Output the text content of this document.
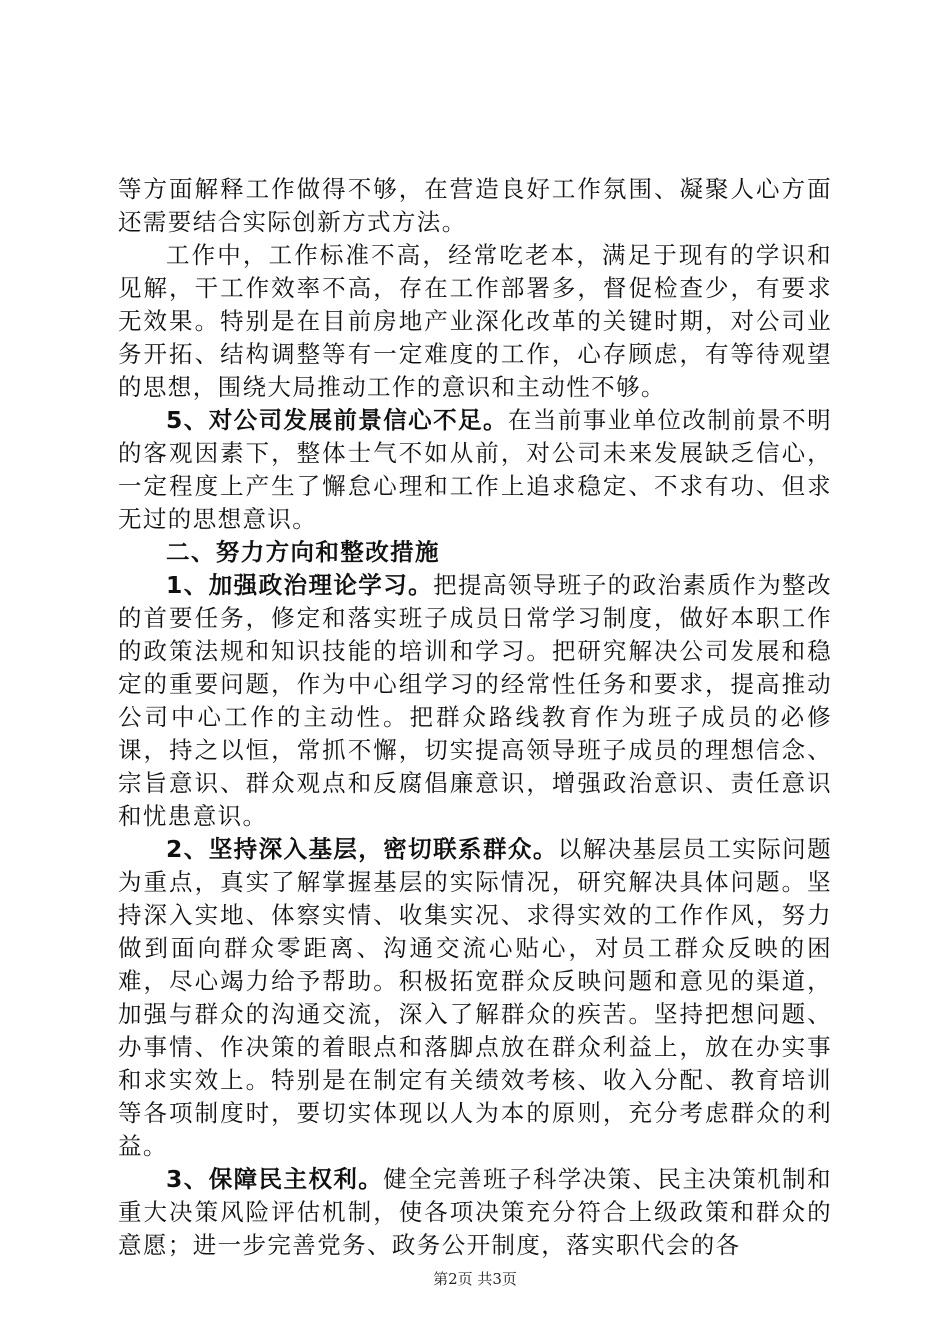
等方面解释工作做得不够，在营造良好工作氛围、凝聚人心方面还需要结合实际创新方式方法。

工作中，工作标准不高，经常吃老本，满足于现有的学识和见解，干工作效率不高，存在工作部署多，督促检查少，有要求无效果。特别是在目前房地产业深化改革的关键时期，对公司业务开拓、结构调整等有一定难度的工作，心存顾虑，有等待观望的思想，围绕大局推动工作的意识和主动性不够。

5、对公司发展前景信心不足。在当前事业单位改制前景不明的客观因素下，整体士气不如从前，对公司未来发展缺乏信心，一定程度上产生了懈怠心理和工作上追求稳定、不求有功、但求无过的思想意识。

二、努力方向和整改措施

1、加强政治理论学习。把提高领导班子的政治素质作为整改的首要任务，修定和落实班子成员日常学习制度，做好本职工作的政策法规和知识技能的培训和学习。把研究解决公司发展和稳定的重要问题，作为中心组学习的经常性任务和要求，提高推动公司中心工作的主动性。把群众路线教育作为班子成员的必修课，持之以恒，常抓不懈，切实提高领导班子成员的理想信念、宗旨意识、群众观点和反腐倡廉意识，增强政治意识、责任意识和忧患意识。

2、坚持深入基层，密切联系群众。以解决基层员工实际问题为重点，真实了解掌握基层的实际情况，研究解决具体问题。坚持深入实地、体察实情、收集实况、求得实效的工作作风，努力做到面向群众零距离、沟通交流心贴心，对员工群众反映的困难，尽心竭力给予帮助。积极拓宽群众反映问题和意见的渠道，加强与群众的沟通交流，深入了解群众的疾苦。坚持把想问题、办事情、作决策的着眼点和落脚点放在群众利益上，放在办实事和求实效上。特别是在制定有关绩效考核、收入分配、教育培训等各项制度时，要切实体现以人为本的原则，充分考虑群众的利益。

3、保障民主权利。健全完善班子科学决策、民主决策机制和重大决策风险评估机制，使各项决策充分符合上级政策和群众的意愿；进一步完善党务、政务公开制度，落实职代会的各

第2页 共3页
